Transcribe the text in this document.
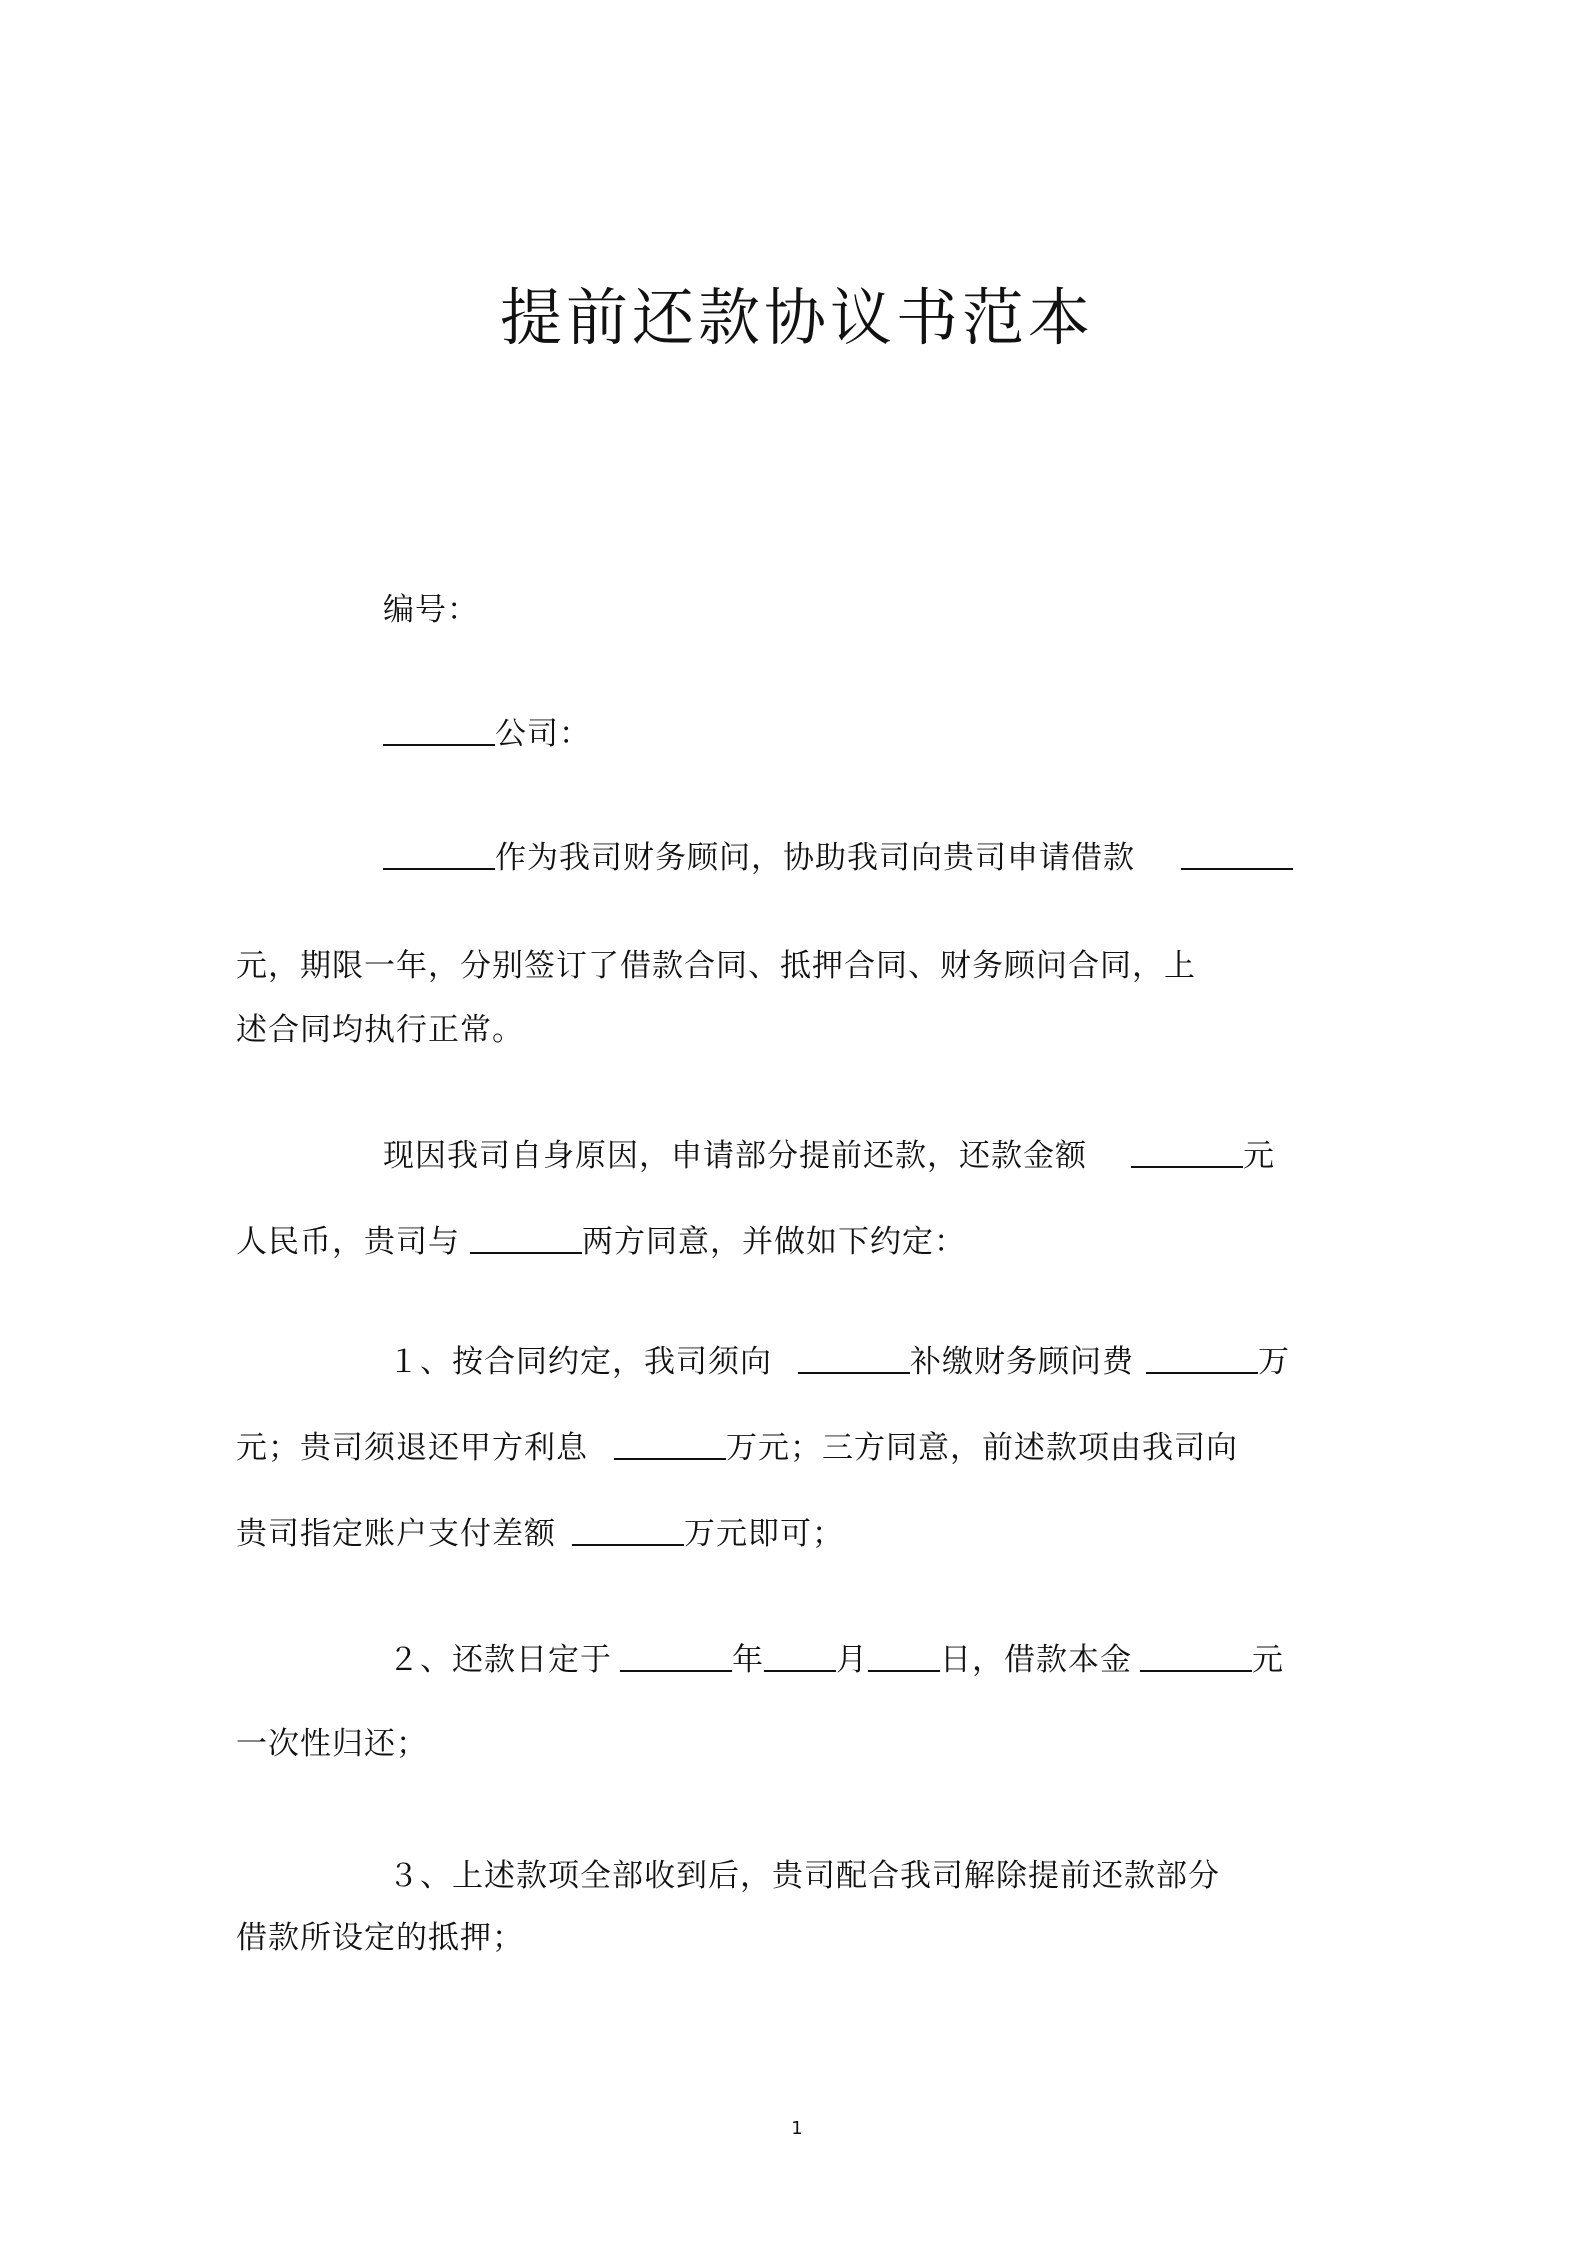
提前还款协议书范本
编号：
公司：
作为我司财务顾问，协助我司向贵司申请借款
元，期限一年，分别签订了借款合同、抵押合同、财务顾问合同，上
述合同均执行正常。
现因我司自身原因，申请部分提前还款，还款金额	元
人民币，贵司与	两方同意，并做如下约定：
１、按合同约定，我司须向	补缴财务顾问费	万
元；贵司须退还甲方利息	万元；三方同意，前述款项由我司向
贵司指定账户支付差额	万元即可；
２、还款日定于	年 月 日，借款本金	元
一次性归还；
３、上述款项全部收到后，贵司配合我司解除提前还款部分
借款所设定的抵押；
1
